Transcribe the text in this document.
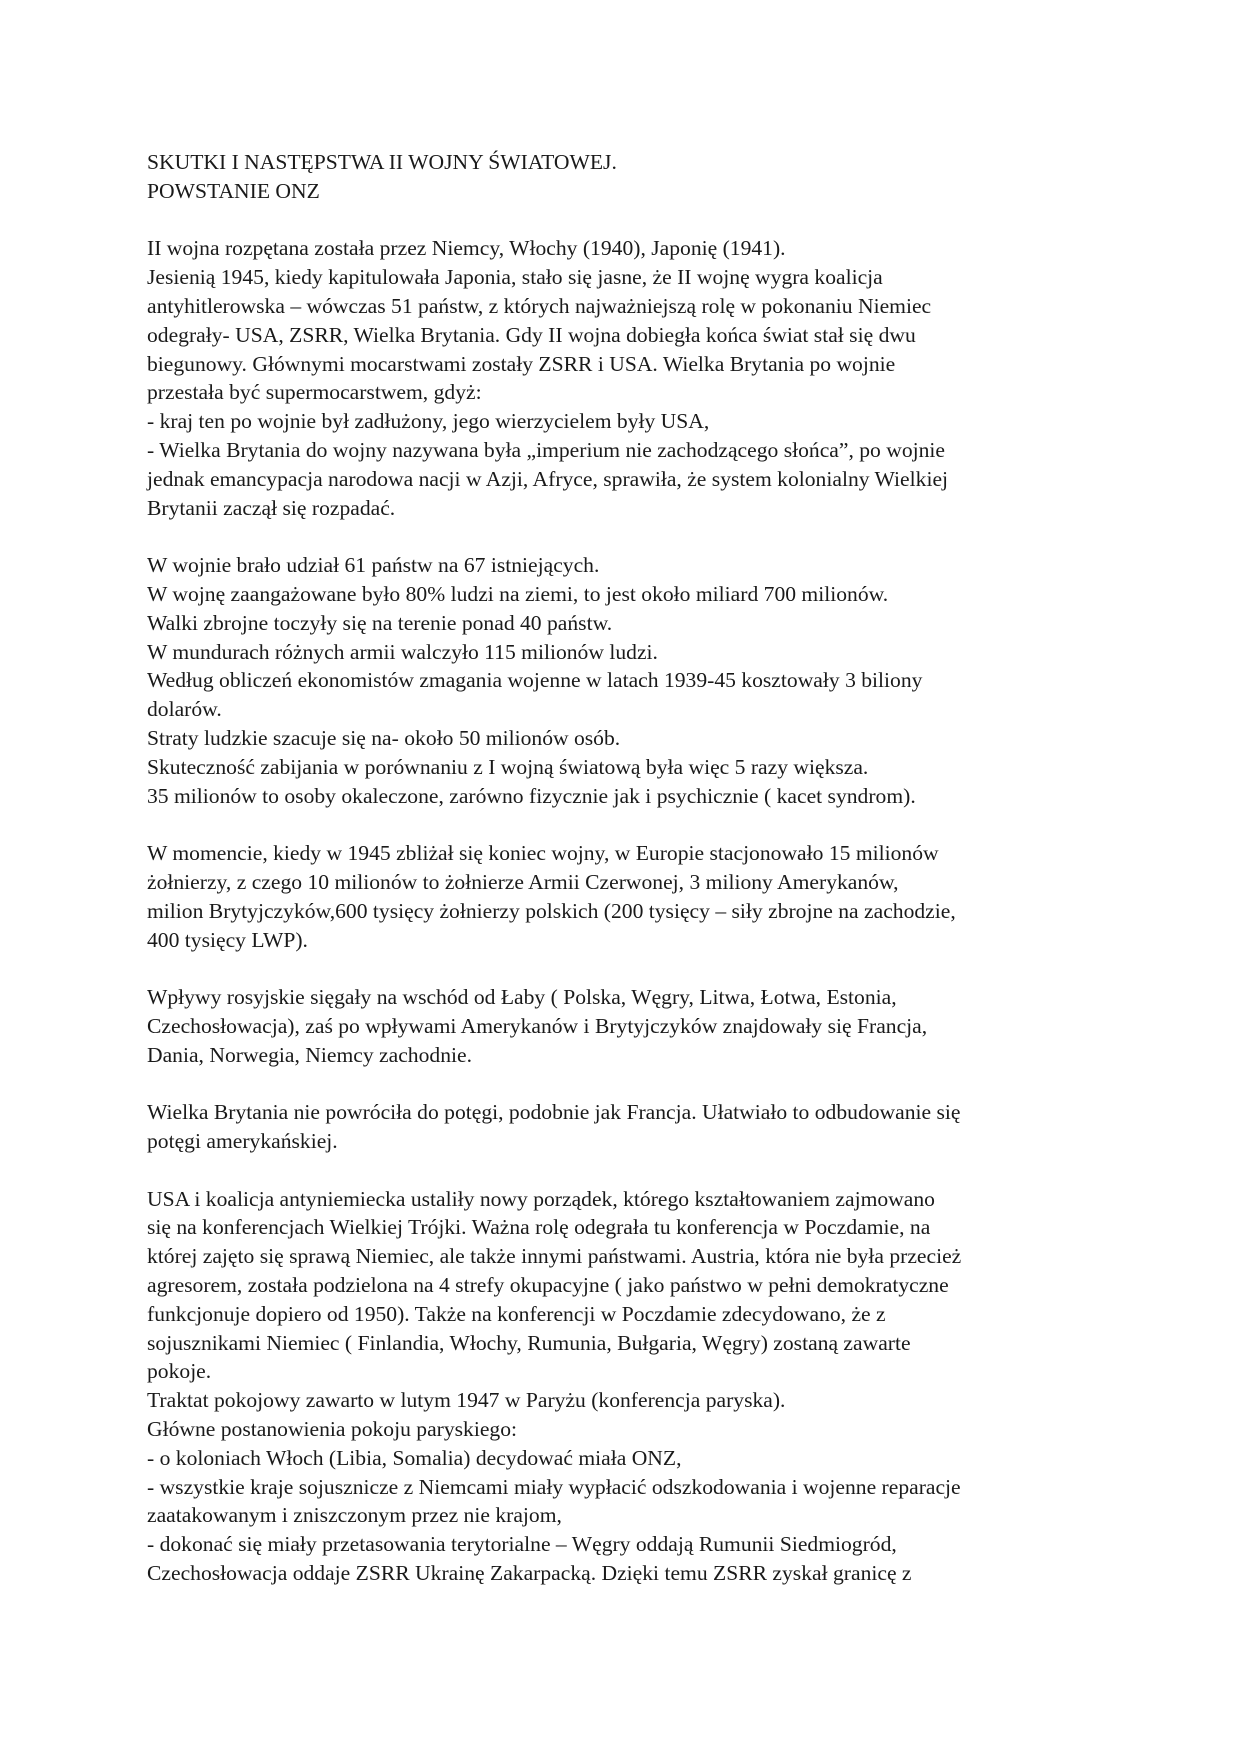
SKUTKI I NASTĘPSTWA II WOJNY ŚWIATOWEJ.
POWSTANIE ONZ
II wojna rozpętana została przez Niemcy, Włochy (1940), Japonię (1941).
Jesienią 1945, kiedy kapitulowała Japonia, stało się jasne, że II wojnę wygra koalicja
antyhitlerowska – wówczas 51 państw, z których najważniejszą rolę w pokonaniu Niemiec
odegrały- USA, ZSRR, Wielka Brytania. Gdy II wojna dobiegła końca świat stał się dwu
biegunowy. Głównymi mocarstwami zostały ZSRR i USA. Wielka Brytania po wojnie
przestała być supermocarstwem, gdyż:
- kraj ten po wojnie był zadłużony, jego wierzycielem były USA,
- Wielka Brytania do wojny nazywana była „imperium nie zachodzącego słońca”, po wojnie
jednak emancypacja narodowa nacji w Azji, Afryce, sprawiła, że system kolonialny Wielkiej
Brytanii zaczął się rozpadać.
W wojnie brało udział 61 państw na 67 istniejących.
W wojnę zaangażowane było 80% ludzi na ziemi, to jest około miliard 700 milionów.
Walki zbrojne toczyły się na terenie ponad 40 państw.
W mundurach różnych armii walczyło 115 milionów ludzi.
Według obliczeń ekonomistów zmagania wojenne w latach 1939-45 kosztowały 3 biliony
dolarów.
Straty ludzkie szacuje się na- około 50 milionów osób.
Skuteczność zabijania w porównaniu z I wojną światową była więc 5 razy większa.
35 milionów to osoby okaleczone, zarówno fizycznie jak i psychicznie ( kacet syndrom).
W momencie, kiedy w 1945 zbliżał się koniec wojny, w Europie stacjonowało 15 milionów
żołnierzy, z czego 10 milionów to żołnierze Armii Czerwonej, 3 miliony Amerykanów,
milion Brytyjczyków,600 tysięcy żołnierzy polskich (200 tysięcy – siły zbrojne na zachodzie,
400 tysięcy LWP).
Wpływy rosyjskie sięgały na wschód od Łaby ( Polska, Węgry, Litwa, Łotwa, Estonia,
Czechosłowacja), zaś po wpływami Amerykanów i Brytyjczyków znajdowały się Francja,
Dania, Norwegia, Niemcy zachodnie.
Wielka Brytania nie powróciła do potęgi, podobnie jak Francja. Ułatwiało to odbudowanie się
potęgi amerykańskiej.
USA i koalicja antyniemiecka ustaliły nowy porządek, którego kształtowaniem zajmowano
się na konferencjach Wielkiej Trójki. Ważna rolę odegrała tu konferencja w Poczdamie, na
której zajęto się sprawą Niemiec, ale także innymi państwami. Austria, która nie była przecież
agresorem, została podzielona na 4 strefy okupacyjne ( jako państwo w pełni demokratyczne
funkcjonuje dopiero od 1950). Także na konferencji w Poczdamie zdecydowano, że z
sojusznikami Niemiec ( Finlandia, Włochy, Rumunia, Bułgaria, Węgry) zostaną zawarte
pokoje.
Traktat pokojowy zawarto w lutym 1947 w Paryżu (konferencja paryska).
Główne postanowienia pokoju paryskiego:
- o koloniach Włoch (Libia, Somalia) decydować miała ONZ,
- wszystkie kraje sojusznicze z Niemcami miały wypłacić odszkodowania i wojenne reparacje
zaatakowanym i zniszczonym przez nie krajom,
- dokonać się miały przetasowania terytorialne – Węgry oddają Rumunii Siedmiogród,
Czechosłowacja oddaje ZSRR Ukrainę Zakarpacką. Dzięki temu ZSRR zyskał granicę z
